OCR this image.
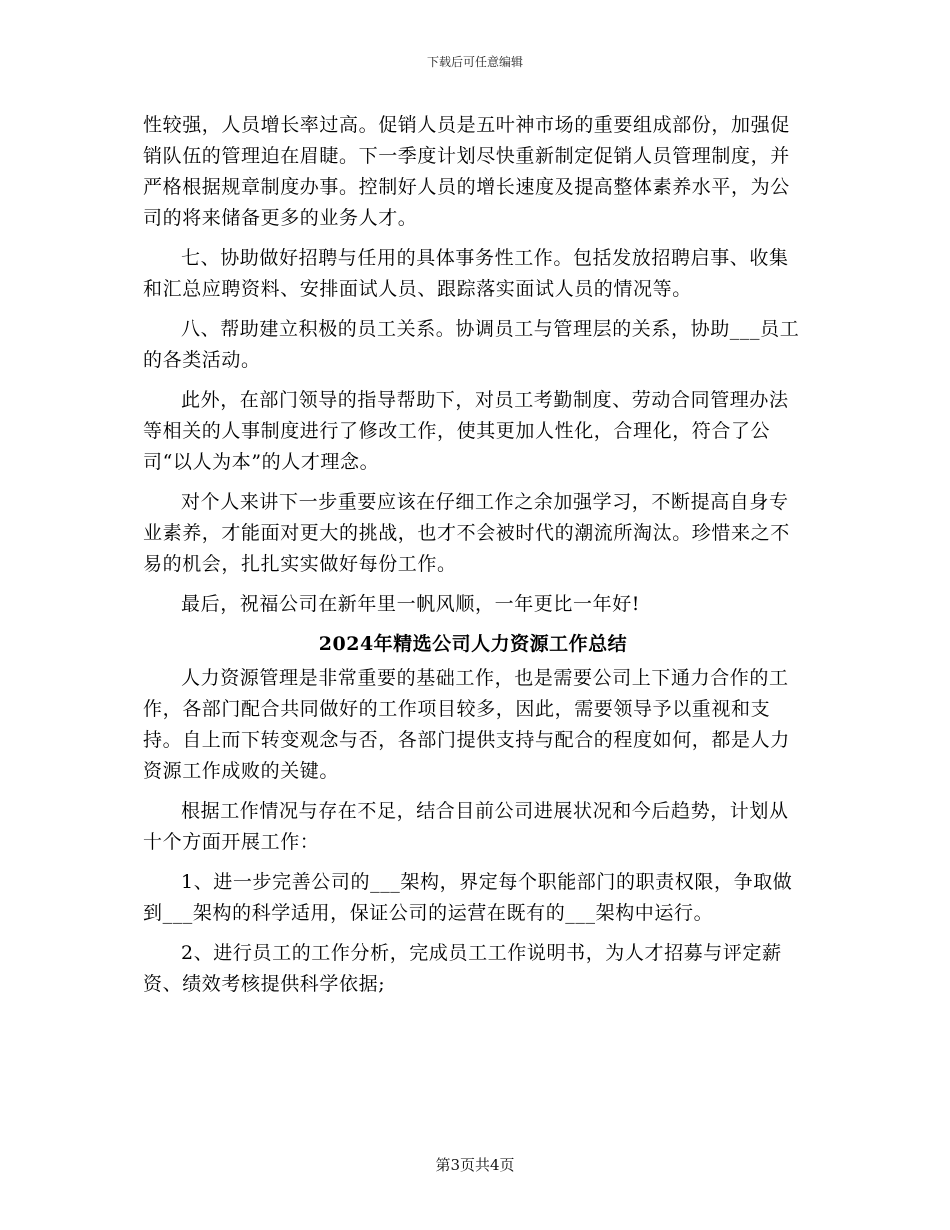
下载后可任意编辑

性较强，人员增长率过高。促销人员是五叶神市场的重要组成部份，加强促销队伍的管理迫在眉睫。下一季度计划尽快重新制定促销人员管理制度，并严格根据规章制度办事。控制好人员的增长速度及提高整体素养水平，为公司的将来储备更多的业务人才。

七、协助做好招聘与任用的具体事务性工作。包括发放招聘启事、收集和汇总应聘资料、安排面试人员、跟踪落实面试人员的情况等。

八、帮助建立积极的员工关系。协调员工与管理层的关系，协助___员工的各类活动。

此外，在部门领导的指导帮助下，对员工考勤制度、劳动合同管理办法等相关的人事制度进行了修改工作，使其更加人性化，合理化，符合了公司“以人为本”的人才理念。

对个人来讲下一步重要应该在仔细工作之余加强学习，不断提高自身专业素养，才能面对更大的挑战，也才不会被时代的潮流所淘汰。珍惜来之不易的机会，扎扎实实做好每份工作。

最后，祝福公司在新年里一帆风顺，一年更比一年好!

2024年精选公司人力资源工作总结

人力资源管理是非常重要的基础工作，也是需要公司上下通力合作的工作，各部门配合共同做好的工作项目较多，因此，需要领导予以重视和支持。自上而下转变观念与否，各部门提供支持与配合的程度如何，都是人力资源工作成败的关键。

根据工作情况与存在不足，结合目前公司进展状况和今后趋势，计划从十个方面开展工作：

1、进一步完善公司的___架构，界定每个职能部门的职责权限，争取做到___架构的科学适用，保证公司的运营在既有的___架构中运行。

2、进行员工的工作分析，完成员工工作说明书，为人才招募与评定薪资、绩效考核提供科学依据;

第3页共4页
